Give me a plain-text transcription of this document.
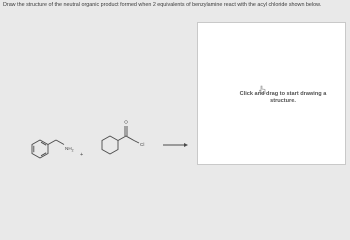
Draw the structure of the neutral organic product formed when 2 equivalents of benzylamine react with the acyl chloride shown below.
$NH_2$
+
O
Cl
Click and drag to start drawing a
structure.
